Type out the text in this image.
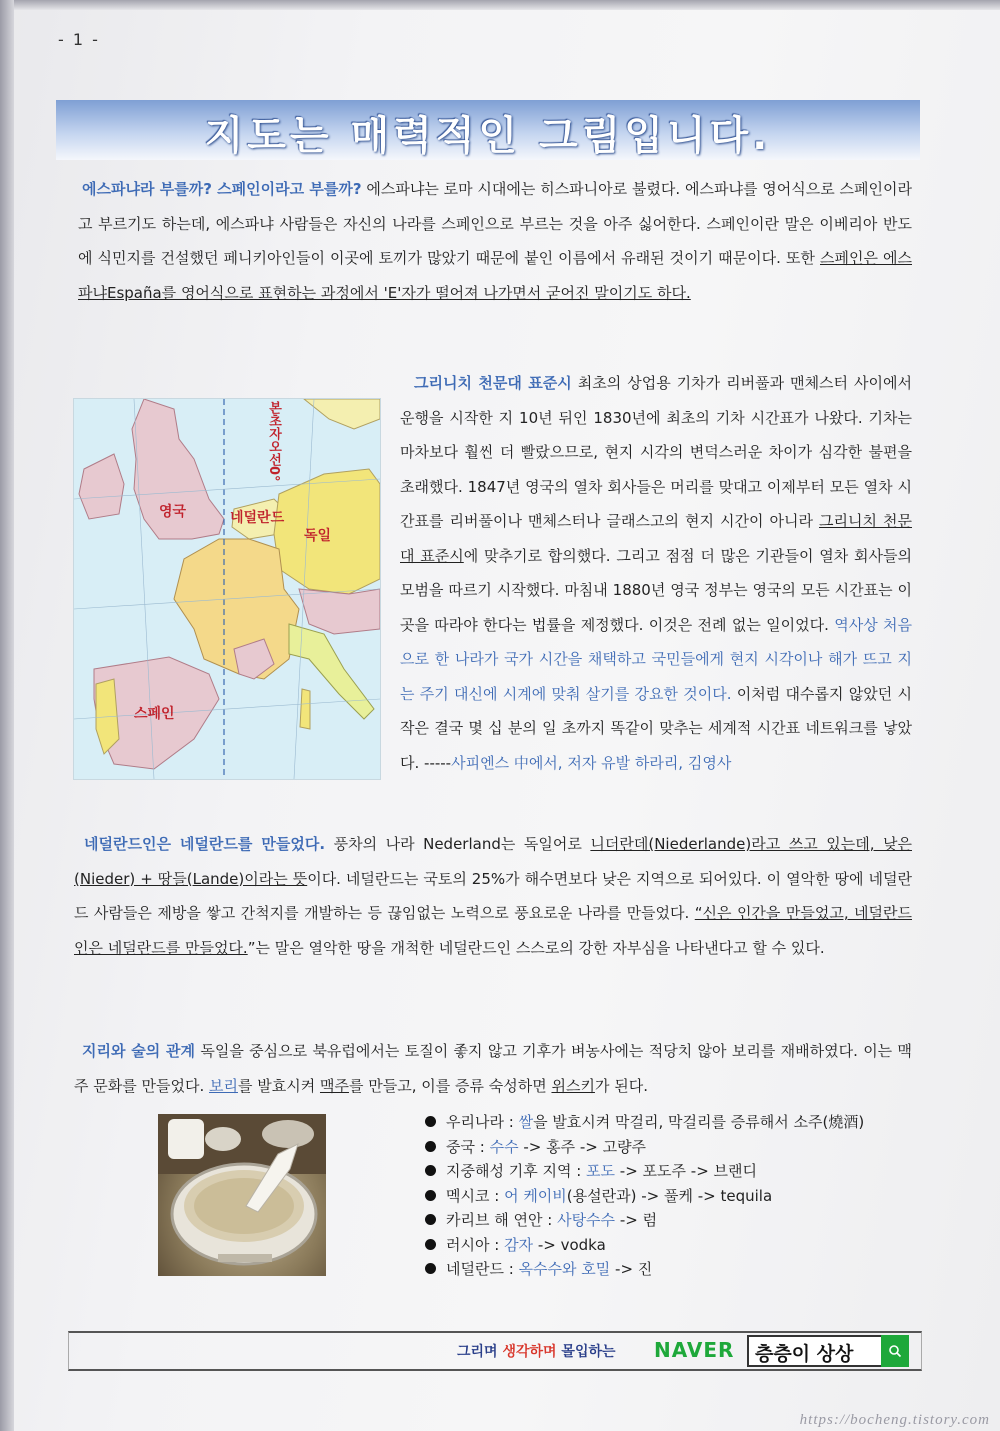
- 1 -
지도는 매력적인 그림입니다.
에스파냐라 부를까? 스페인이라고 부를까? 에스파냐는 로마 시대에는 히스파니아로 불렸다. 에스파냐를 영어식으로 스페인이라고 부르기도 하는데, 에스파냐 사람들은 자신의 나라를 스페인으로 부르는 것을 아주 싫어한다. 스페인이란 말은 이베리아 반도에 식민지를 건설했던 페니키아인들이 이곳에 토끼가 많았기 때문에 붙인 이름에서 유래된 것이기 때문이다. 또한 스페인은 에스파냐España를 영어식으로 표현하는 과정에서 'E'자가 떨어져 나가면서 굳어진 말이기도 하다.
본초자오선0°
영국	네덜란드
독일
스페인
그리니치 천문대 표준시 최초의 상업용 기차가 리버풀과 맨체스터 사이에서 운행을 시작한 지 10년 뒤인 1830년에 최초의 기차 시간표가 나왔다. 기차는 마차보다 훨씬 더 빨랐으므로, 현지 시각의 변덕스러운 차이가 심각한 불편을 초래했다. 1847년 영국의 열차 회사들은 머리를 맞대고 이제부터 모든 열차 시간표를 리버풀이나 맨체스터나 글래스고의 현지 시간이 아니라 그리니치 천문대 표준시에 맞추기로 합의했다. 그리고 점점 더 많은 기관들이 열차 회사들의 모범을 따르기 시작했다. 마침내 1880년 영국 정부는 영국의 모든 시간표는 이곳을 따라야 한다는 법률을 제정했다. 이것은 전례 없는 일이었다. 역사상 처음으로 한 나라가 국가 시간을 채택하고 국민들에게 현지 시각이나 해가 뜨고 지는 주기 대신에 시계에 맞춰 살기를 강요한 것이다. 이처럼 대수롭지 않았던 시작은 결국 몇 십 분의 일 초까지 똑같이 맞추는 세계적 시간표 네트워크를 낳았다. -----사피엔스 中에서, 저자 유발 하라리, 김영사
네덜란드인은 네덜란드를 만들었다. 풍차의 나라 Nederland는 독일어로 니더란데(Niederlande)라고 쓰고 있는데, 낮은(Nieder) + 땅들(Lande)이라는 뜻이다. 네덜란드는 국토의 25%가 해수면보다 낮은 지역으로 되어있다. 이 열악한 땅에 네덜란드 사람들은 제방을 쌓고 간척지를 개발하는 등 끊임없는 노력으로 풍요로운 나라를 만들었다. “신은 인간을 만들었고, 네덜란드인은 네덜란드를 만들었다.”는 말은 열악한 땅을 개척한 네덜란드인 스스로의 강한 자부심을 나타낸다고 할 수 있다.
지리와 술의 관계 독일을 중심으로 북유럽에서는 토질이 좋지 않고 기후가 벼농사에는 적당치 않아 보리를 재배하였다. 이는 맥주 문화를 만들었다. 보리를 발효시켜 맥주를 만들고, 이를 증류 숙성하면 위스키가 된다.
우리나라 : 쌀을 발효시켜 막걸리, 막걸리를 증류해서 소주(燒酒)
중국 : 수수 -> 홍주 -> 고량주
지중해성 기후 지역 : 포도 -> 포도주 -> 브랜디
멕시코 : 어 케이비(용설란과) -> 풀케 -> tequila
카리브 해 연안 : 사탕수수 -> 럼
러시아 : 감자 -> vodka
네덜란드 : 옥수수와 호밀 -> 진
그리며 생각하며 몰입하는 NAVER 층층이 상상
https://bocheng.tistory.com
